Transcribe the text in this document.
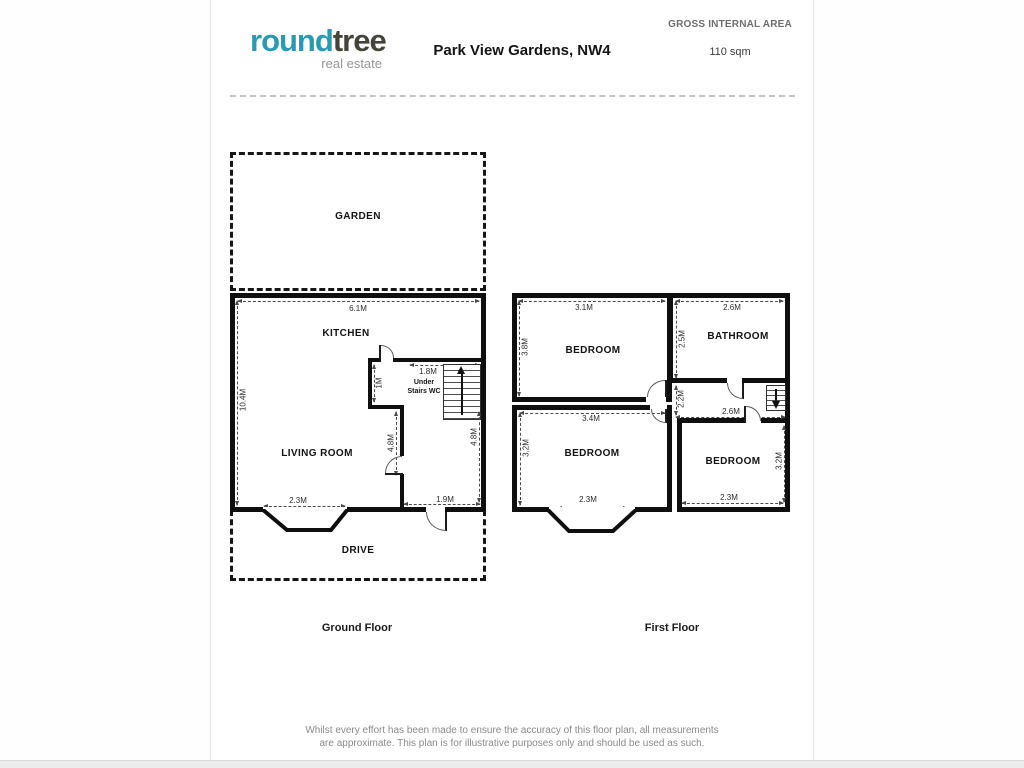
roundtree
real estate
Park View Gardens, NW4
GROSS INTERNAL AREA
110 sqm
GARDEN
DRIVE
6.1M
KITCHEN
10.4M
1.8M
1M	Under
Stairs WC
LIVING ROOM
4.8M	4.8M
1.9M
2.3M
Ground Floor
3.1M
3.8M	BEDROOM
2.6M
2.5M	BATHROOM
2.2M
2.6M
3.4M
3.2M	BEDROOM
2.3M
BEDROOM	3.2M
2.3M
First Floor
Whilst every effort has been made to ensure the accuracy of this floor plan, all measurements
are approximate. This plan is for illustrative purposes only and should be used as such.
